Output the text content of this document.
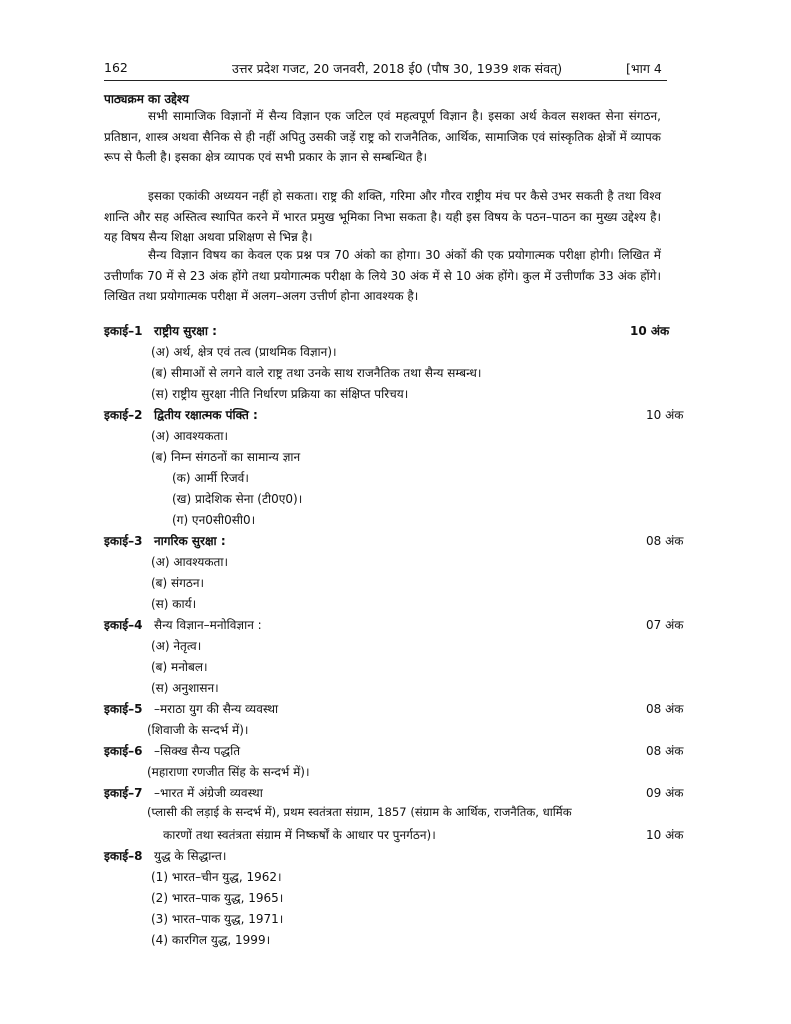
162	उत्तर प्रदेश गजट, 20 जनवरी, 2018 ई0 (पौष 30, 1939 शक संवत्)	[भाग 4
पाठ्यक्रम का उद्देश्य
सभी सामाजिक विज्ञानों में सैन्य विज्ञान एक जटिल एवं महत्वपूर्ण विज्ञान है। इसका अर्थ केवल सशक्त सेना संगठन, प्रतिष्ठान, शास्त्र अथवा सैनिक से ही नहीं अपितु उसकी जड़ें राष्ट्र को राजनैतिक, आर्थिक, सामाजिक एवं सांस्कृतिक क्षेत्रों में व्यापक रूप से फैली है। इसका क्षेत्र व्यापक एवं सभी प्रकार के ज्ञान से सम्बन्धित है।
इसका एकांकी अध्ययन नहीं हो सकता। राष्ट्र की शक्ति, गरिमा और गौरव राष्ट्रीय मंच पर कैसे उभर सकती है तथा विश्व शान्ति और सह अस्तित्व स्थापित करने में भारत प्रमुख भूमिका निभा सकता है। यही इस विषय के पठन–पाठन का मुख्य उद्देश्य है। यह विषय सैन्य शिक्षा अथवा प्रशिक्षण से भिन्न है।
सैन्य विज्ञान विषय का केवल एक प्रश्न पत्र 70 अंको का होगा। 30 अंकों की एक प्रयोगात्मक परीक्षा होगी। लिखित में उत्तीर्णांक 70 में से 23 अंक होंगे तथा प्रयोगात्मक परीक्षा के लिये 30 अंक में से 10 अंक होंगे। कुल में उत्तीर्णांक 33 अंक होंगे। लिखित तथा प्रयोगात्मक परीक्षा में अलग–अलग उत्तीर्ण होना आवश्यक है।
इकाई–1 राष्ट्रीय सुरक्षा :	10 अंक
(अ) अर्थ, क्षेत्र एवं तत्व (प्राथमिक विज्ञान)।
(ब) सीमाओं से लगने वाले राष्ट्र तथा उनके साथ राजनैतिक तथा सैन्य सम्बन्ध।
(स) राष्ट्रीय सुरक्षा नीति निर्धारण प्रक्रिया का संक्षिप्त परिचय।
इकाई–2 द्वितीय रक्षात्मक पंक्ति :	10 अंक
(अ) आवश्यकता।
(ब) निम्न संगठनों का सामान्य ज्ञान
(क) आर्मी रिजर्व।
(ख) प्रादेशिक सेना (टी0ए0)।
(ग) एन0सी0सी0।
इकाई–3 नागरिक सुरक्षा :	08 अंक
(अ) आवश्यकता।
(ब) संगठन।
(स) कार्य।
इकाई–4 सैन्य विज्ञान–मनोविज्ञान :	07 अंक
(अ) नेतृत्व।
(ब) मनोबल।
(स) अनुशासन।
इकाई–5 –मराठा युग की सैन्य व्यवस्था	08 अंक
(शिवाजी के सन्दर्भ में)।
इकाई–6 –सिक्ख सैन्य पद्धति	08 अंक
(महाराणा रणजीत सिंह के सन्दर्भ में)।
इकाई–7 –भारत में अंग्रेजी व्यवस्था	09 अंक
(प्लासी की लड़ाई के सन्दर्भ में), प्रथम स्वतंत्रता संग्राम, 1857 (संग्राम के आर्थिक, राजनैतिक, धार्मिक
कारणों तथा स्वतंत्रता संग्राम में निष्कर्षों के आधार पर पुनर्गठन)।	10 अंक
इकाई–8 युद्ध के सिद्धान्त।
(1) भारत–चीन युद्ध, 1962।
(2) भारत–पाक युद्ध, 1965।
(3) भारत–पाक युद्ध, 1971।
(4) कारगिल युद्ध, 1999।
